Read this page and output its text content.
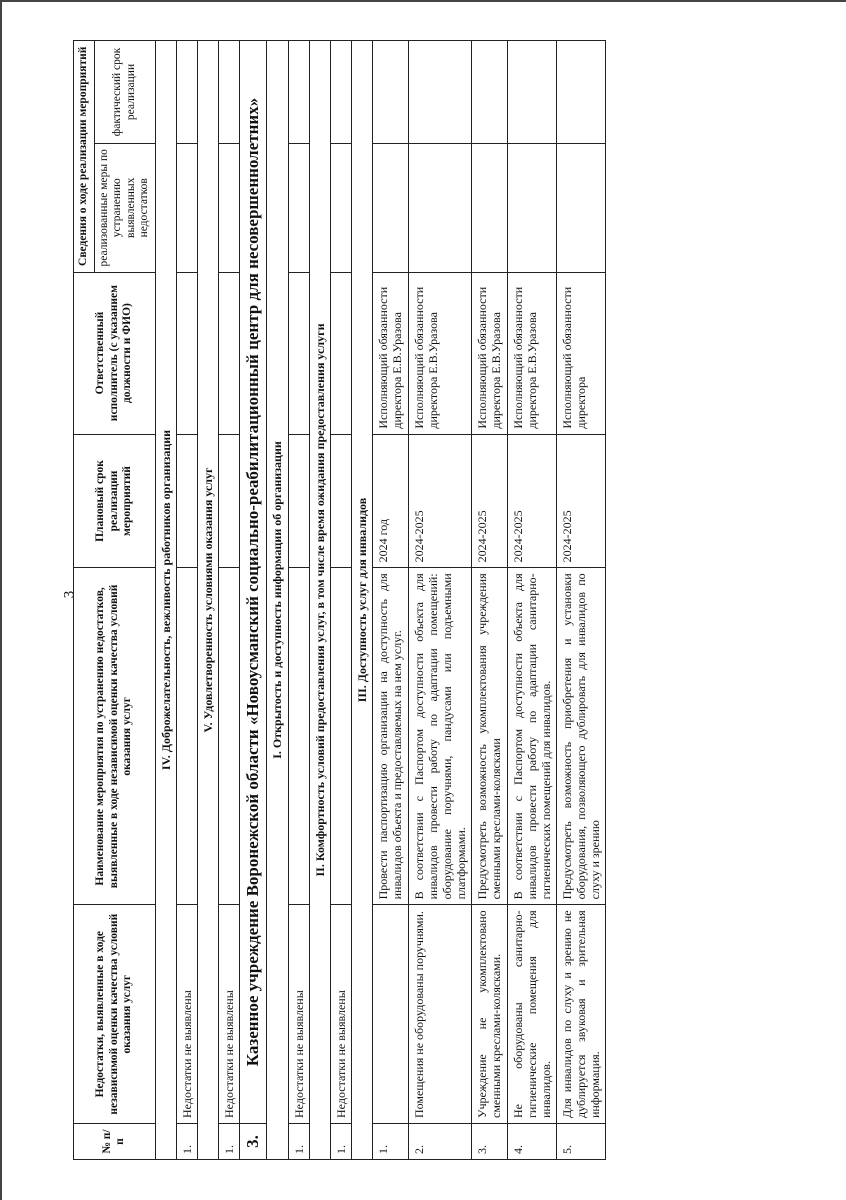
3
№ п/п	Недостатки, выявленные в ходе независимой оценки качества условий оказания услуг	Наименование мероприятия по устранению недостатков, выявленные в ходе независимой оценки качества условий оказания услуг	Плановый срок реализации мероприятий	Ответственный исполнитель (с указанием должности и ФИО)	Сведения о ходе реализации мероприятий	
					реализованные меры по устранению выявленных недостатков	фактический срок реализации
IV. Доброжелательность, вежливость работников организации						
1.	Недостатки не выявлены					
V. Удовлетворенность условиями оказания услуг						
1.	Недостатки не выявлены					
3.	Казенное учреждение Воронежской области «Новоусманский социально-реабилитационный центр для несовершеннолетних»					
I. Открытость и доступность информации об организации						
1.	Недостатки не выявлены					
II. Комфортность условий предоставления услуг, в том числе время ожидания предоставления услуги						
1.	Недостатки не выявлены					
III. Доступность услуг для инвалидов						
1.		Провести паспортизацию организации на доступность для инвалидов объекта и предоставляемых на нем услуг.	2024 год	Исполняющий обязанности директора Е.В.Уразова		
2.	Помещения не оборудованы поручнями.	В соответствии с Паспортом доступности объекта для инвалидов провести работу по адаптации помещений: оборудование поручнями, пандусами или подъемными платформами.	2024-2025	Исполняющий обязанности директора Е.В.Уразова		
3.	Учреждение не укомплектовано сменными креслами-колясками.	Предусмотреть возможность укомплектования учреждения сменными креслами-колясками	2024-2025	Исполняющий обязанности директора Е.В.Уразова		
4.	Не оборудованы санитарно-гигиенические помещения для инвалидов.	В соответствии с Паспортом доступности объекта для инвалидов провести работу по адаптации санитарно-гигиенических помещений для инвалидов.	2024-2025	Исполняющий обязанности директора Е.В.Уразова		
5.	Для инвалидов по слуху и зрению не дублируется звуковая и зрительная информация.	Предусмотреть возможность приобретения и установки оборудования, позволяющего дублировать для инвалидов по слуху и зрению	2024-2025	Исполняющий обязанности директора		
